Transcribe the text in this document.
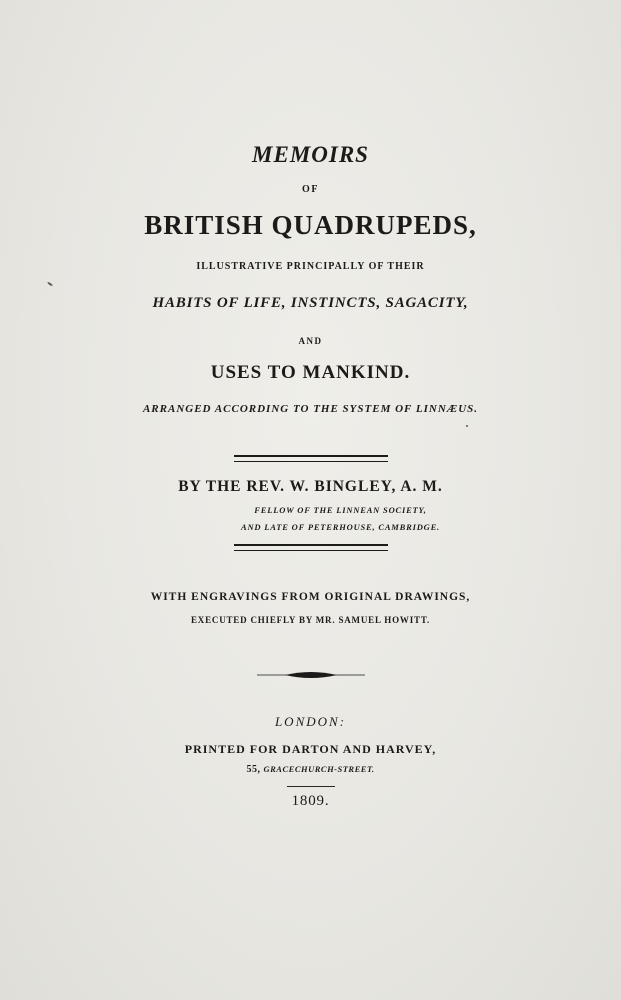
MEMOIRS
OF
BRITISH QUADRUPEDS,
ILLUSTRATIVE PRINCIPALLY OF THEIR
HABITS OF LIFE, INSTINCTS, SAGACITY,
AND
USES TO MANKIND.
ARRANGED ACCORDING TO THE SYSTEM OF LINNÆUS.
BY THE REV. W. BINGLEY, A. M.
FELLOW OF THE LINNEAN SOCIETY,
AND LATE OF PETERHOUSE, CAMBRIDGE.
WITH ENGRAVINGS FROM ORIGINAL DRAWINGS,
EXECUTED CHIEFLY BY MR. SAMUEL HOWITT.
LONDON:
PRINTED FOR DARTON AND HARVEY,
55, GRACECHURCH-STREET.
1809.
